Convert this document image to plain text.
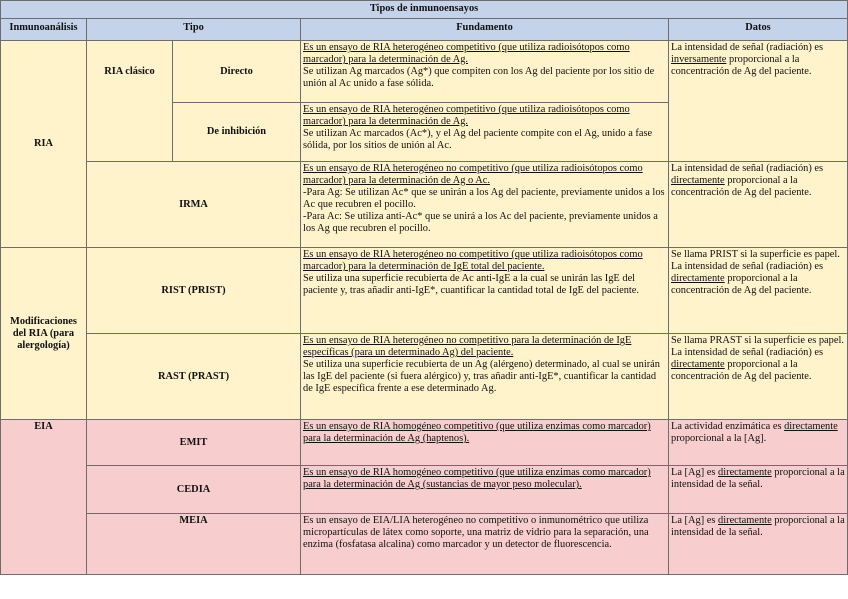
Tipos de inmunoensayos				
Inmunoanálisis	Tipo		Fundamento	Datos
RIA	RIA clásico	Directo	Es un ensayo de RIA heterogéneo competitivo (que utiliza radioisótopos como marcador) para la determinación de Ag.
Se utilizan Ag marcados (Ag*) que compiten con los Ag del paciente por los sitio de unión al Ac unido a fase sólida.	La intensidad de señal (radiación) es inversamente proporcional a la concentración de Ag del paciente.
		De inhibición	Es un ensayo de RIA heterogéneo competitivo (que utiliza radioisótopos como marcador) para la determinación de Ag.
Se utilizan Ac marcados (Ac*), y el Ag del paciente compite con el Ag, unido a fase sólida, por los sitios de unión al Ac.	
	IRMA		Es un ensayo de RIA heterogéneo no competitivo (que utiliza radioisótopos como marcador) para la determinación de Ag o Ac.
-Para Ag: Se utilizan Ac* que se unirán a los Ag del paciente, previamente unidos a los Ac que recubren el pocillo.
-Para Ac: Se utiliza anti-Ac* que se unirá a los Ac del paciente, previamente unidos a los Ag que recubren el pocillo.	La intensidad de señal (radiación) es directamente proporcional a la concentración de Ag del paciente.
Modificaciones del RIA (para alergología)	RIST (PRIST)		Es un ensayo de RIA heterogéneo no competitivo (que utiliza radioisótopos como marcador) para la determinación de IgE total del paciente.
Se utiliza una superficie recubierta de Ac anti-IgE a la cual se unirán las IgE del paciente y, tras añadir anti-IgE*, cuantificar la cantidad total de IgE del paciente.	Se llama PRIST si la superficie es papel.
La intensidad de señal (radiación) es directamente proporcional a la concentración de Ag del paciente.
	RAST (PRAST)		Es un ensayo de RIA heterogéneo no competitivo para la determinación de IgE específicas (para un determinado Ag) del paciente.
Se utiliza una superficie recubierta de un Ag (alérgeno) determinado, al cual se unirán las IgE del paciente (si fuera alérgico) y, tras añadir anti-IgE*, cuantificar la cantidad de IgE específica frente a ese determinado Ag.	Se llama PRAST si la superficie es papel.
La intensidad de señal (radiación) es directamente proporcional a la concentración de Ag del paciente.
EIA	EMIT		Es un ensayo de RIA homogéneo competitivo (que utiliza enzimas como marcador) para la determinación de Ag (haptenos).	La actividad enzimática es directamente proporcional a la [Ag].
	CEDIA		Es un ensayo de RIA homogéneo competitivo (que utiliza enzimas como marcador) para la determinación de Ag (sustancias de mayor peso molecular).	La [Ag] es directamente proporcional a la intensidad de la señal.
	MEIA		Es un ensayo de EIA/LIA heterogéneo no competitivo o inmunométrico que utiliza micropartículas de látex como soporte, una matriz de vidrio para la separación, una enzima (fosfatasa alcalina) como marcador y un detector de fluorescencia.	La [Ag] es directamente proporcional a la intensidad de la señal.
